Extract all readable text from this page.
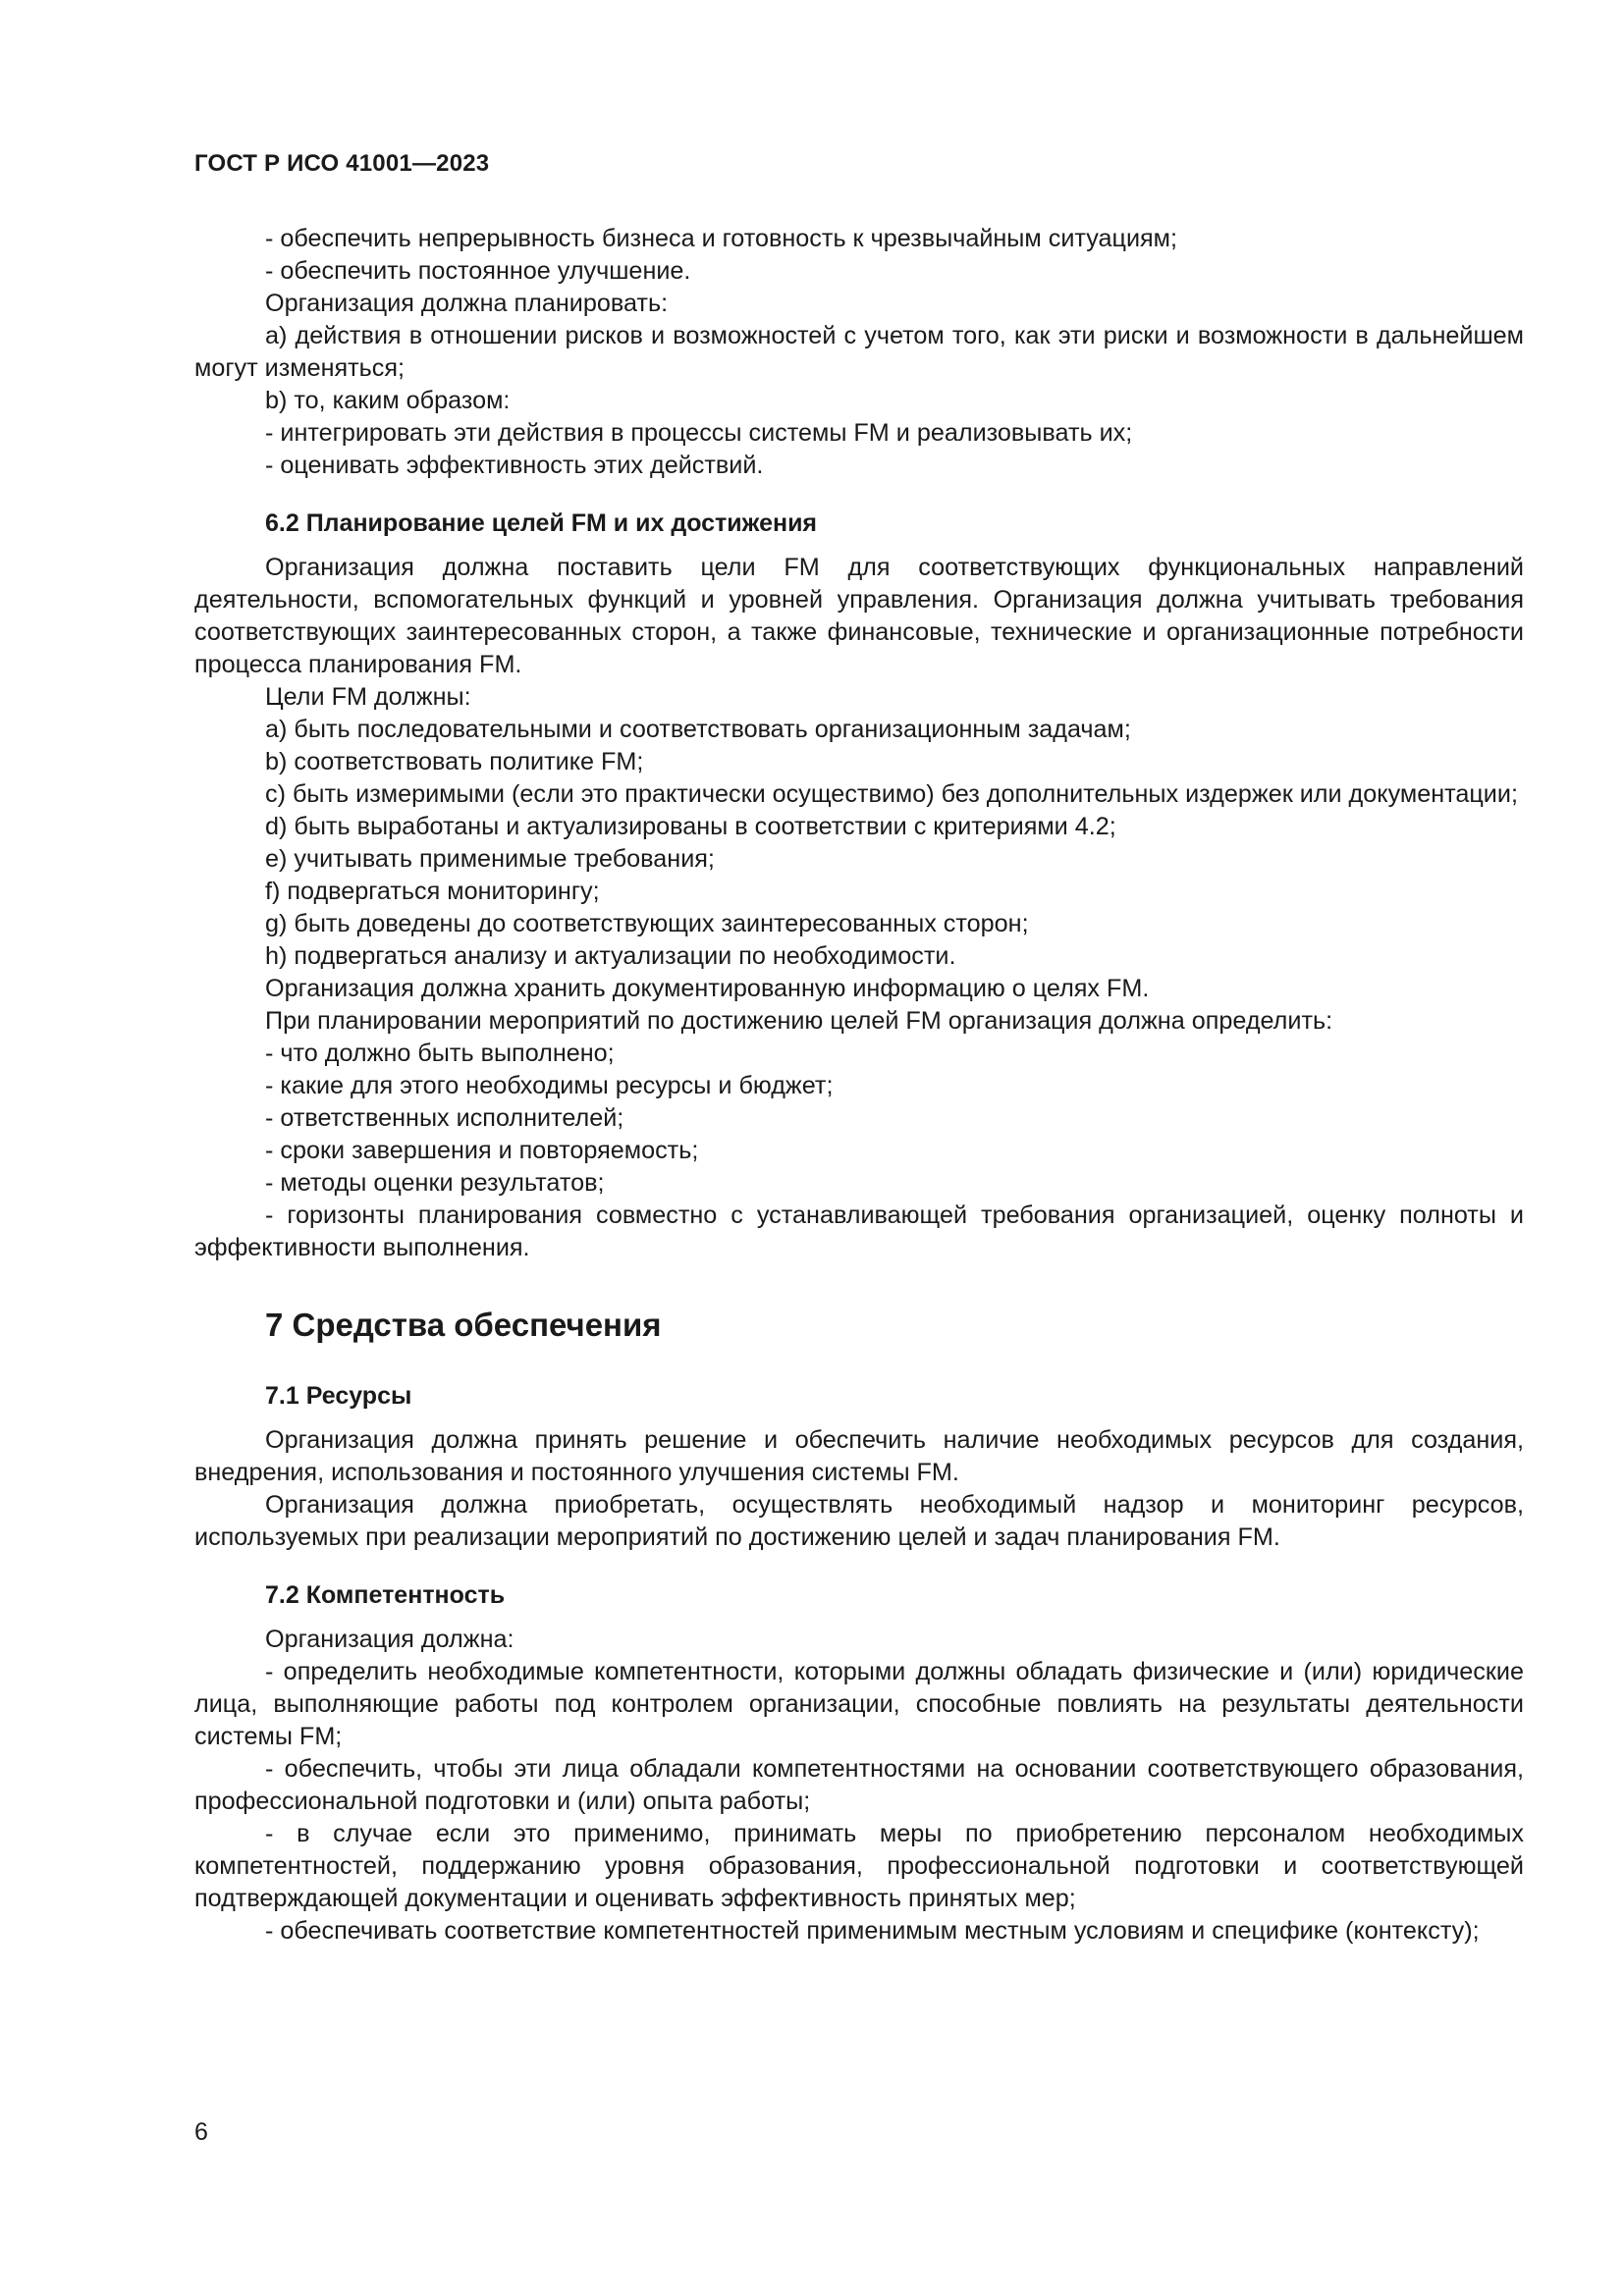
ГОСТ Р ИСО 41001—2023

- обеспечить непрерывность бизнеса и готовность к чрезвычайным ситуациям;

- обеспечить постоянное улучшение.

Организация должна планировать:

a) действия в отношении рисков и возможностей с учетом того, как эти риски и возможности в дальнейшем могут изменяться;

b) то, каким образом:

- интегрировать эти действия в процессы системы FM и реализовывать их;

- оценивать эффективность этих действий.

6.2 Планирование целей FM и их достижения

Организация должна поставить цели FM для соответствующих функциональных направлений деятельности, вспомогательных функций и уровней управления. Организация должна учитывать требования соответствующих заинтересованных сторон, а также финансовые, технические и организационные потребности процесса планирования FM.

Цели FM должны:

a) быть последовательными и соответствовать организационным задачам;

b) соответствовать политике FM;

c) быть измеримыми (если это практически осуществимо) без дополнительных издержек или документации;

d) быть выработаны и актуализированы в соответствии с критериями 4.2;

e) учитывать применимые требования;

f) подвергаться мониторингу;

g) быть доведены до соответствующих заинтересованных сторон;

h) подвергаться анализу и актуализации по необходимости.

Организация должна хранить документированную информацию о целях FM.

При планировании мероприятий по достижению целей FM организация должна определить:

- что должно быть выполнено;

- какие для этого необходимы ресурсы и бюджет;

- ответственных исполнителей;

- сроки завершения и повторяемость;

- методы оценки результатов;

- горизонты планирования совместно с устанавливающей требования организацией, оценку полноты и эффективности выполнения.

7 Средства обеспечения
7.1 Ресурсы

Организация должна принять решение и обеспечить наличие необходимых ресурсов для создания, внедрения, использования и постоянного улучшения системы FM.

Организация должна приобретать, осуществлять необходимый надзор и мониторинг ресурсов, используемых при реализации мероприятий по достижению целей и задач планирования FM.

7.2 Компетентность

Организация должна:

- определить необходимые компетентности, которыми должны обладать физические и (или) юридические лица, выполняющие работы под контролем организации, способные повлиять на результаты деятельности системы FM;

- обеспечить, чтобы эти лица обладали компетентностями на основании соответствующего образования, профессиональной подготовки и (или) опыта работы;

- в случае если это применимо, принимать меры по приобретению персоналом необходимых компетентностей, поддержанию уровня образования, профессиональной подготовки и соответствующей подтверждающей документации и оценивать эффективность принятых мер;

- обеспечивать соответствие компетентностей применимым местным условиям и специфике (контексту);

6
